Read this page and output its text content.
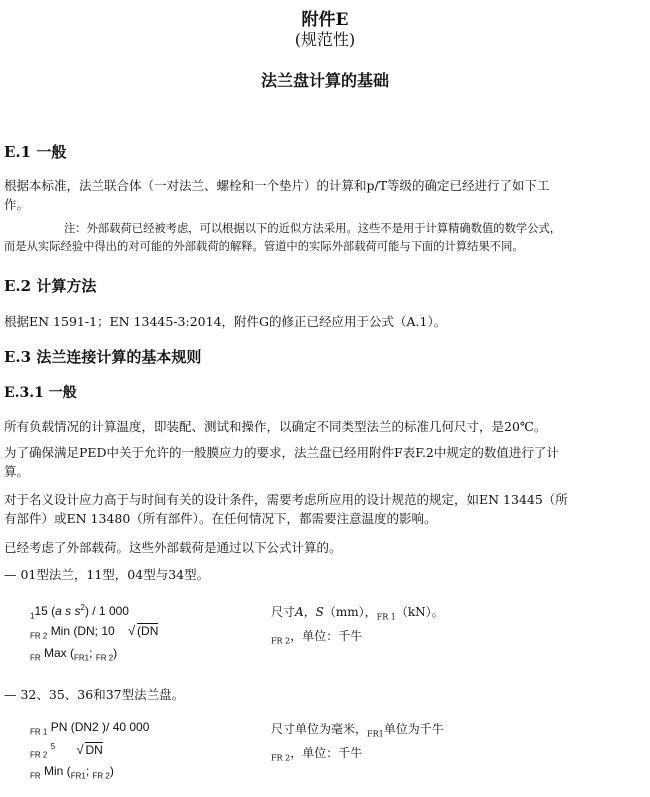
附件E
(规范性)
法兰盘计算的基础
E.1 一般
根据本标准，法兰联合体（一对法兰、螺栓和一个垫片）的计算和p/T等级的确定已经进行了如下工
作。
注：外部载荷已经被考虑，可以根据以下的近似方法采用。这些不是用于计算精确数值的数学公式，
而是从实际经验中得出的对可能的外部载荷的解释。管道中的实际外部载荷可能与下面的计算结果不同。
E.2 计算方法
根据EN 1591-1；EN 13445-3:2014，附件G的修正已经应用于公式（A.1）。
E.3 法兰连接计算的基本规则
E.3.1 一般
所有负载情况的计算温度，即装配、测试和操作，以确定不同类型法兰的标准几何尺寸，是20℃。
为了确保满足PED中关于允许的一般膜应力的要求，法兰盘已经用附件F表F.2中规定的数值进行了计
算。
对于名义设计应力高于与时间有关的设计条件，需要考虑所应用的设计规范的规定，如EN 13445（所
有部件）或EN 13480（所有部件）。在任何情况下，都需要注意温度的影响。
已经考虑了外部载荷。这些外部载荷是通过以下公式计算的。
— 01型法兰，11型，04型与34型。
$_1$15 (a s $s^2) / 1$ 000
$_{FR 2}$ Min (DN; 10 √ (DN
$_{FR}$ Max ($_{FR1}$; $_{FR 2}$)
尺寸A，S（mm），$_{FR 1}$（kN）。
$_{FR 2}$，单位：千牛
— 32、35、36和37型法兰盘。
$_{FR 1}$ PN (DN2 )/ 40 000
$_{FR 2}$ $^5$	√ DN
$_{FR}$ Min ($_{FR1}$; $_{FR 2}$)
尺寸单位为毫米，$_{FR1}$单位为千牛
$_{FR 2}$，单位：千牛
